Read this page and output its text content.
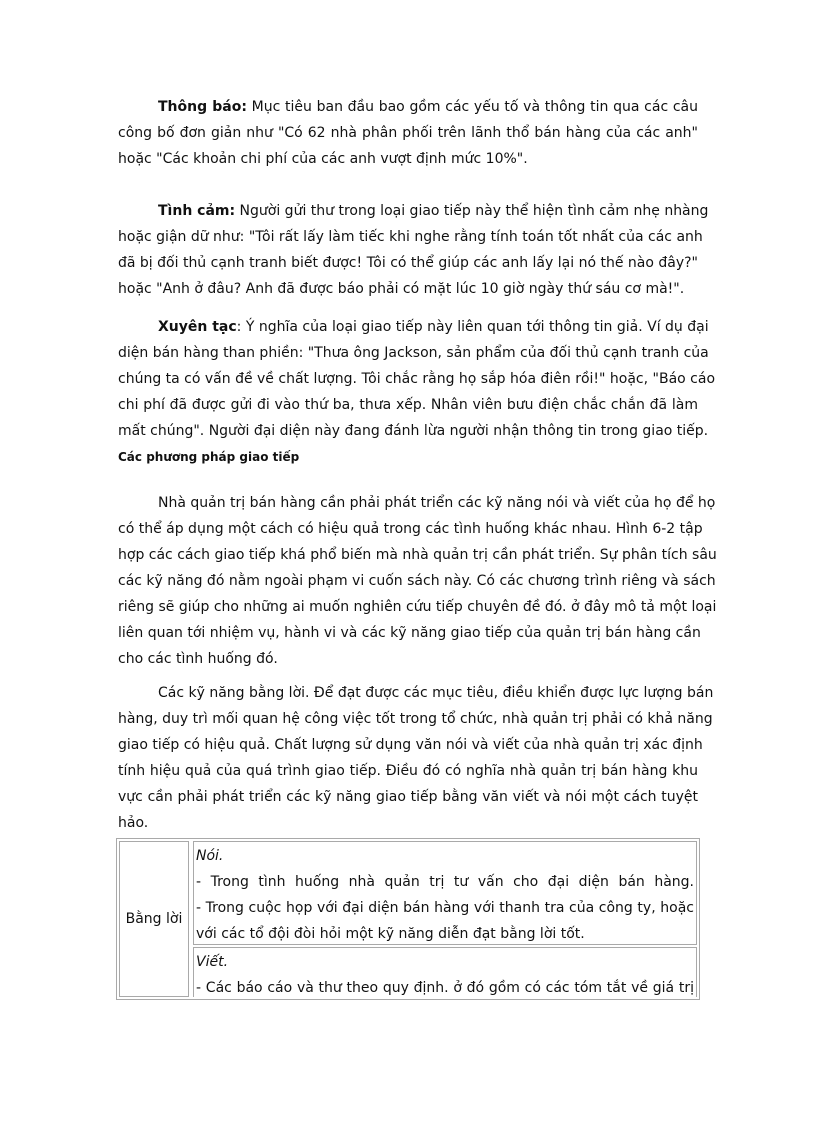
Thông báo: Mục tiêu ban đầu bao gồm các yếu tố và thông tin qua các câu
công bố đơn giản như "Có 62 nhà phân phối trên lãnh thổ bán hàng của các anh"
hoặc "Các khoản chi phí của các anh vượt định mức 10%".
Tình cảm: Người gửi thư trong loại giao tiếp này thể hiện tình cảm nhẹ nhàng
hoặc giận dữ như: "Tôi rất lấy làm tiếc khi nghe rằng tính toán tốt nhất của các anh
đã bị đối thủ cạnh tranh biết được! Tôi có thể giúp các anh lấy lại nó thế nào đây?"
hoặc "Anh ở đâu? Anh đã được báo phải có mặt lúc 10 giờ ngày thứ sáu cơ mà!".
Xuyên tạc: Ý nghĩa của loại giao tiếp này liên quan tới thông tin giả. Ví dụ đại
diện bán hàng than phiền: "Thưa ông Jackson, sản phẩm của đối thủ cạnh tranh của
chúng ta có vấn đề về chất lượng. Tôi chắc rằng họ sắp hóa điên rồi!" hoặc, "Báo cáo
chi phí đã được gửi đi vào thứ ba, thưa xếp. Nhân viên bưu điện chắc chắn đã làm
mất chúng". Người đại diện này đang đánh lừa người nhận thông tin trong giao tiếp.
Các phương pháp giao tiếp
Nhà quản trị bán hàng cần phải phát triển các kỹ năng nói và viết của họ để họ
có thể áp dụng một cách có hiệu quả trong các tình huống khác nhau. Hình 6-2 tập
hợp các cách giao tiếp khá phổ biến mà nhà quản trị cần phát triển. Sự phân tích sâu
các kỹ năng đó nằm ngoài phạm vi cuốn sách này. Có các chương trình riêng và sách
riêng sẽ giúp cho những ai muốn nghiên cứu tiếp chuyên đề đó. ở đây mô tả một loại
liên quan tới nhiệm vụ, hành vi và các kỹ năng giao tiếp của quản trị bán hàng cần
cho các tình huống đó.
Các kỹ năng bằng lời. Để đạt được các mục tiêu, điều khiển được lực lượng bán
hàng, duy trì mối quan hệ công việc tốt trong tổ chức, nhà quản trị phải có khả năng
giao tiếp có hiệu quả. Chất lượng sử dụng văn nói và viết của nhà quản trị xác định
tính hiệu quả của quá trình giao tiếp. Điều đó có nghĩa nhà quản trị bán hàng khu
vực cần phải phát triển các kỹ năng giao tiếp bằng văn viết và nói một cách tuyệt
hảo.
Bằng lời
Nói.
- Trong tình huống nhà quản trị tư vấn cho đại diện bán hàng.
- Trong cuộc họp với đại diện bán hàng với thanh tra của công ty, hoặc
với các tổ đội đòi hỏi một kỹ năng diễn đạt bằng lời tốt.
Viết.
- Các báo cáo và thư theo quy định. ở đó gồm có các tóm tắt về giá trị
